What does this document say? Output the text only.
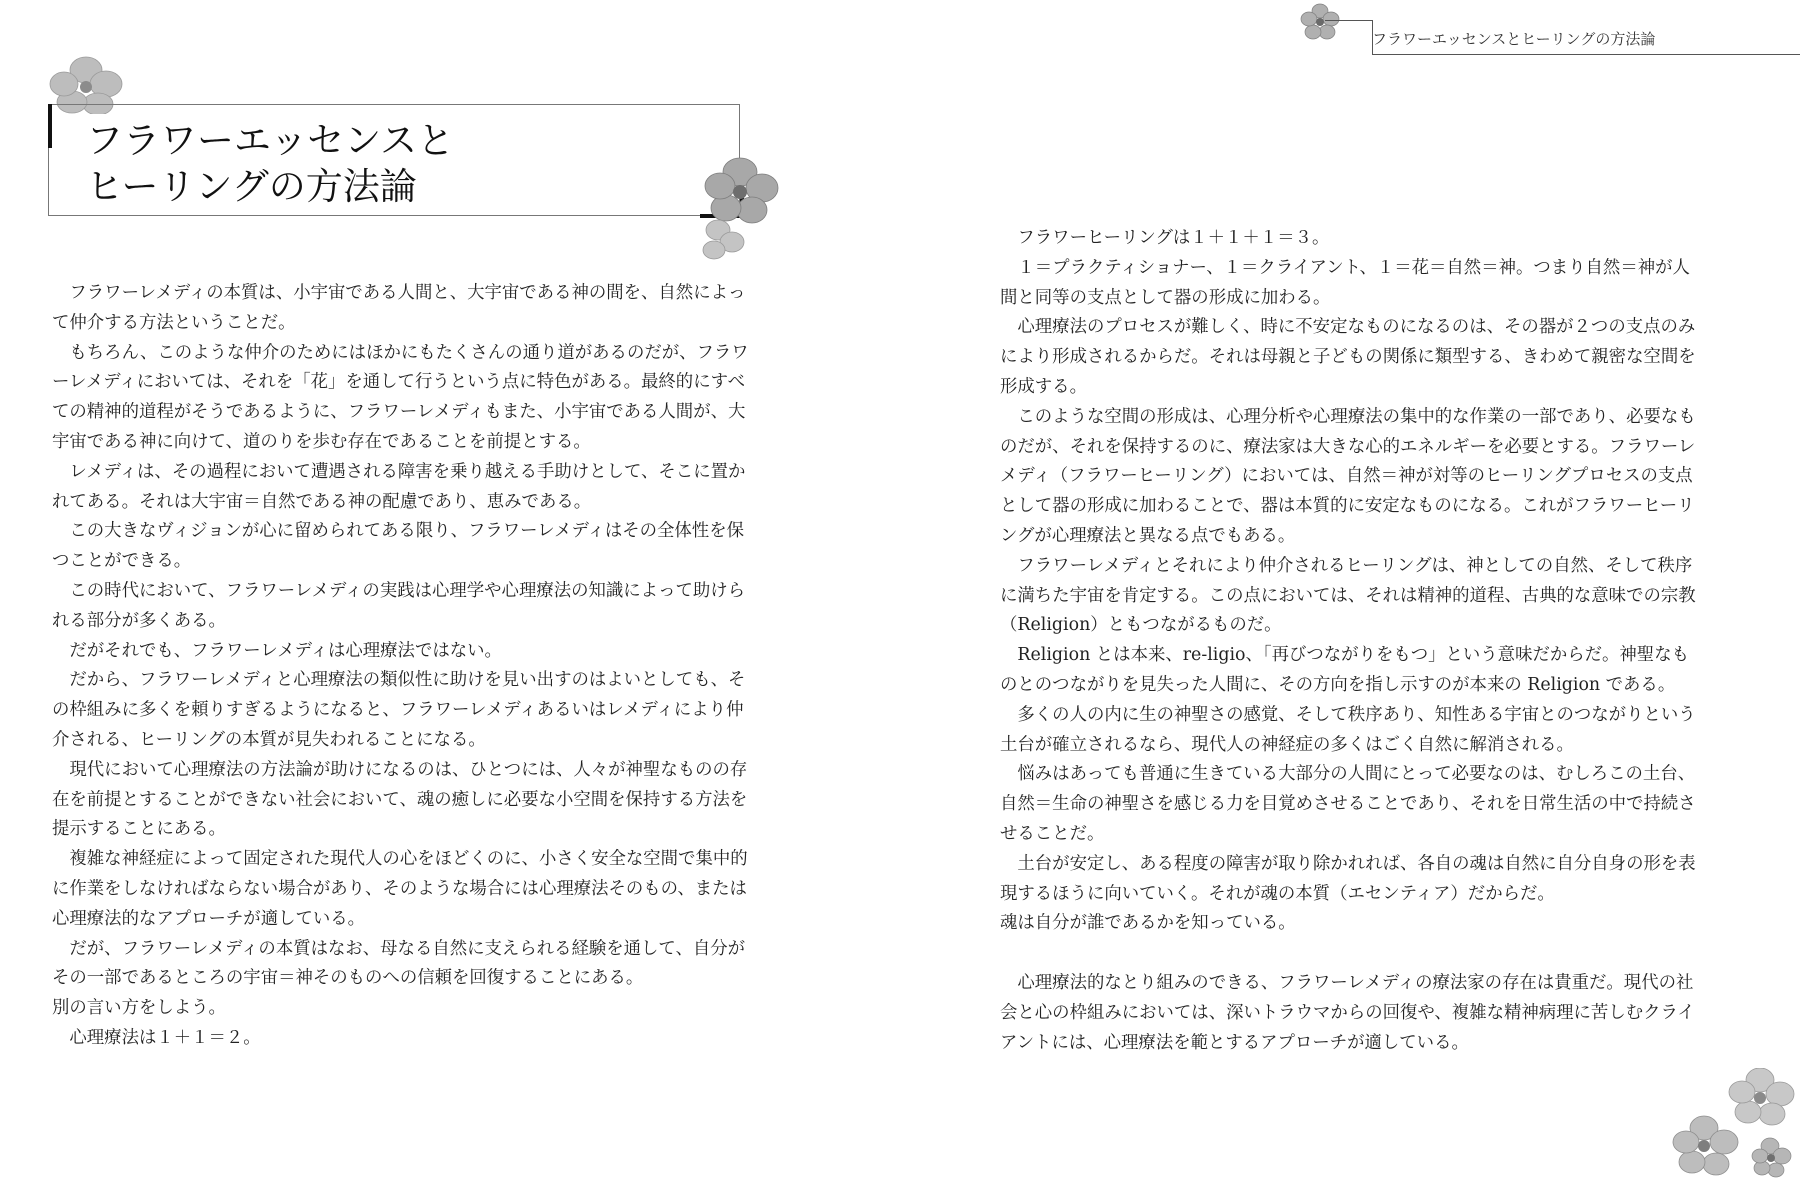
フラワーエッセンスと
ヒーリングの方法論

フラワーレメディの本質は、小宇宙である人間と、大宇宙である神の間を、自然によって仲介する方法ということだ。

もちろん、このような仲介のためにはほかにもたくさんの通り道があるのだが、フラワーレメディにおいては、それを「花」を通して行うという点に特色がある。最終的にすべての精神的道程がそうであるように、フラワーレメディもまた、小宇宙である人間が、大宇宙である神に向けて、道のりを歩む存在であることを前提とする。

レメディは、その過程において遭遇される障害を乗り越える手助けとして、そこに置かれてある。それは大宇宙＝自然である神の配慮であり、恵みである。

この大きなヴィジョンが心に留められてある限り、フラワーレメディはその全体性を保つことができる。

この時代において、フラワーレメディの実践は心理学や心理療法の知識によって助けられる部分が多くある。

だがそれでも、フラワーレメディは心理療法ではない。

だから、フラワーレメディと心理療法の類似性に助けを見い出すのはよいとしても、その枠組みに多くを頼りすぎるようになると、フラワーレメディあるいはレメディにより仲介される、ヒーリングの本質が見失われることになる。

現代において心理療法の方法論が助けになるのは、ひとつには、人々が神聖なものの存在を前提とすることができない社会において、魂の癒しに必要な小空間を保持する方法を提示することにある。

複雑な神経症によって固定された現代人の心をほどくのに、小さく安全な空間で集中的に作業をしなければならない場合があり、そのような場合には心理療法そのもの、または心理療法的なアプローチが適している。

だが、フラワーレメディの本質はなお、母なる自然に支えられる経験を通して、自分がその一部であるところの宇宙＝神そのものへの信頼を回復することにある。

別の言い方をしよう。

心理療法は１＋１＝２。

フラワーエッセンスとヒーリングの方法論

フラワーヒーリングは１＋１＋１＝３。

１＝プラクティショナー、１＝クライアント、１＝花＝自然＝神。つまり自然＝神が人間と同等の支点として器の形成に加わる。

心理療法のプロセスが難しく、時に不安定なものになるのは、その器が２つの支点のみにより形成されるからだ。それは母親と子どもの関係に類型する、きわめて親密な空間を形成する。

このような空間の形成は、心理分析や心理療法の集中的な作業の一部であり、必要なものだが、それを保持するのに、療法家は大きな心的エネルギーを必要とする。フラワーレメディ（フラワーヒーリング）においては、自然＝神が対等のヒーリングプロセスの支点として器の形成に加わることで、器は本質的に安定なものになる。これがフラワーヒーリングが心理療法と異なる点でもある。

フラワーレメディとそれにより仲介されるヒーリングは、神としての自然、そして秩序に満ちた宇宙を肯定する。この点においては、それは精神的道程、古典的な意味での宗教（Religion）ともつながるものだ。

Religion とは本来、re-ligio、「再びつながりをもつ」という意味だからだ。神聖なものとのつながりを見失った人間に、その方向を指し示すのが本来の Religion である。

多くの人の内に生の神聖さの感覚、そして秩序あり、知性ある宇宙とのつながりという土台が確立されるなら、現代人の神経症の多くはごく自然に解消される。

悩みはあっても普通に生きている大部分の人間にとって必要なのは、むしろこの土台、自然＝生命の神聖さを感じる力を目覚めさせることであり、それを日常生活の中で持続させることだ。

土台が安定し、ある程度の障害が取り除かれれば、各自の魂は自然に自分自身の形を表現するほうに向いていく。それが魂の本質（エセンティア）だからだ。

魂は自分が誰であるかを知っている。

心理療法的なとり組みのできる、フラワーレメディの療法家の存在は貴重だ。現代の社会と心の枠組みにおいては、深いトラウマからの回復や、複雑な精神病理に苦しむクライアントには、心理療法を範とするアプローチが適している。
